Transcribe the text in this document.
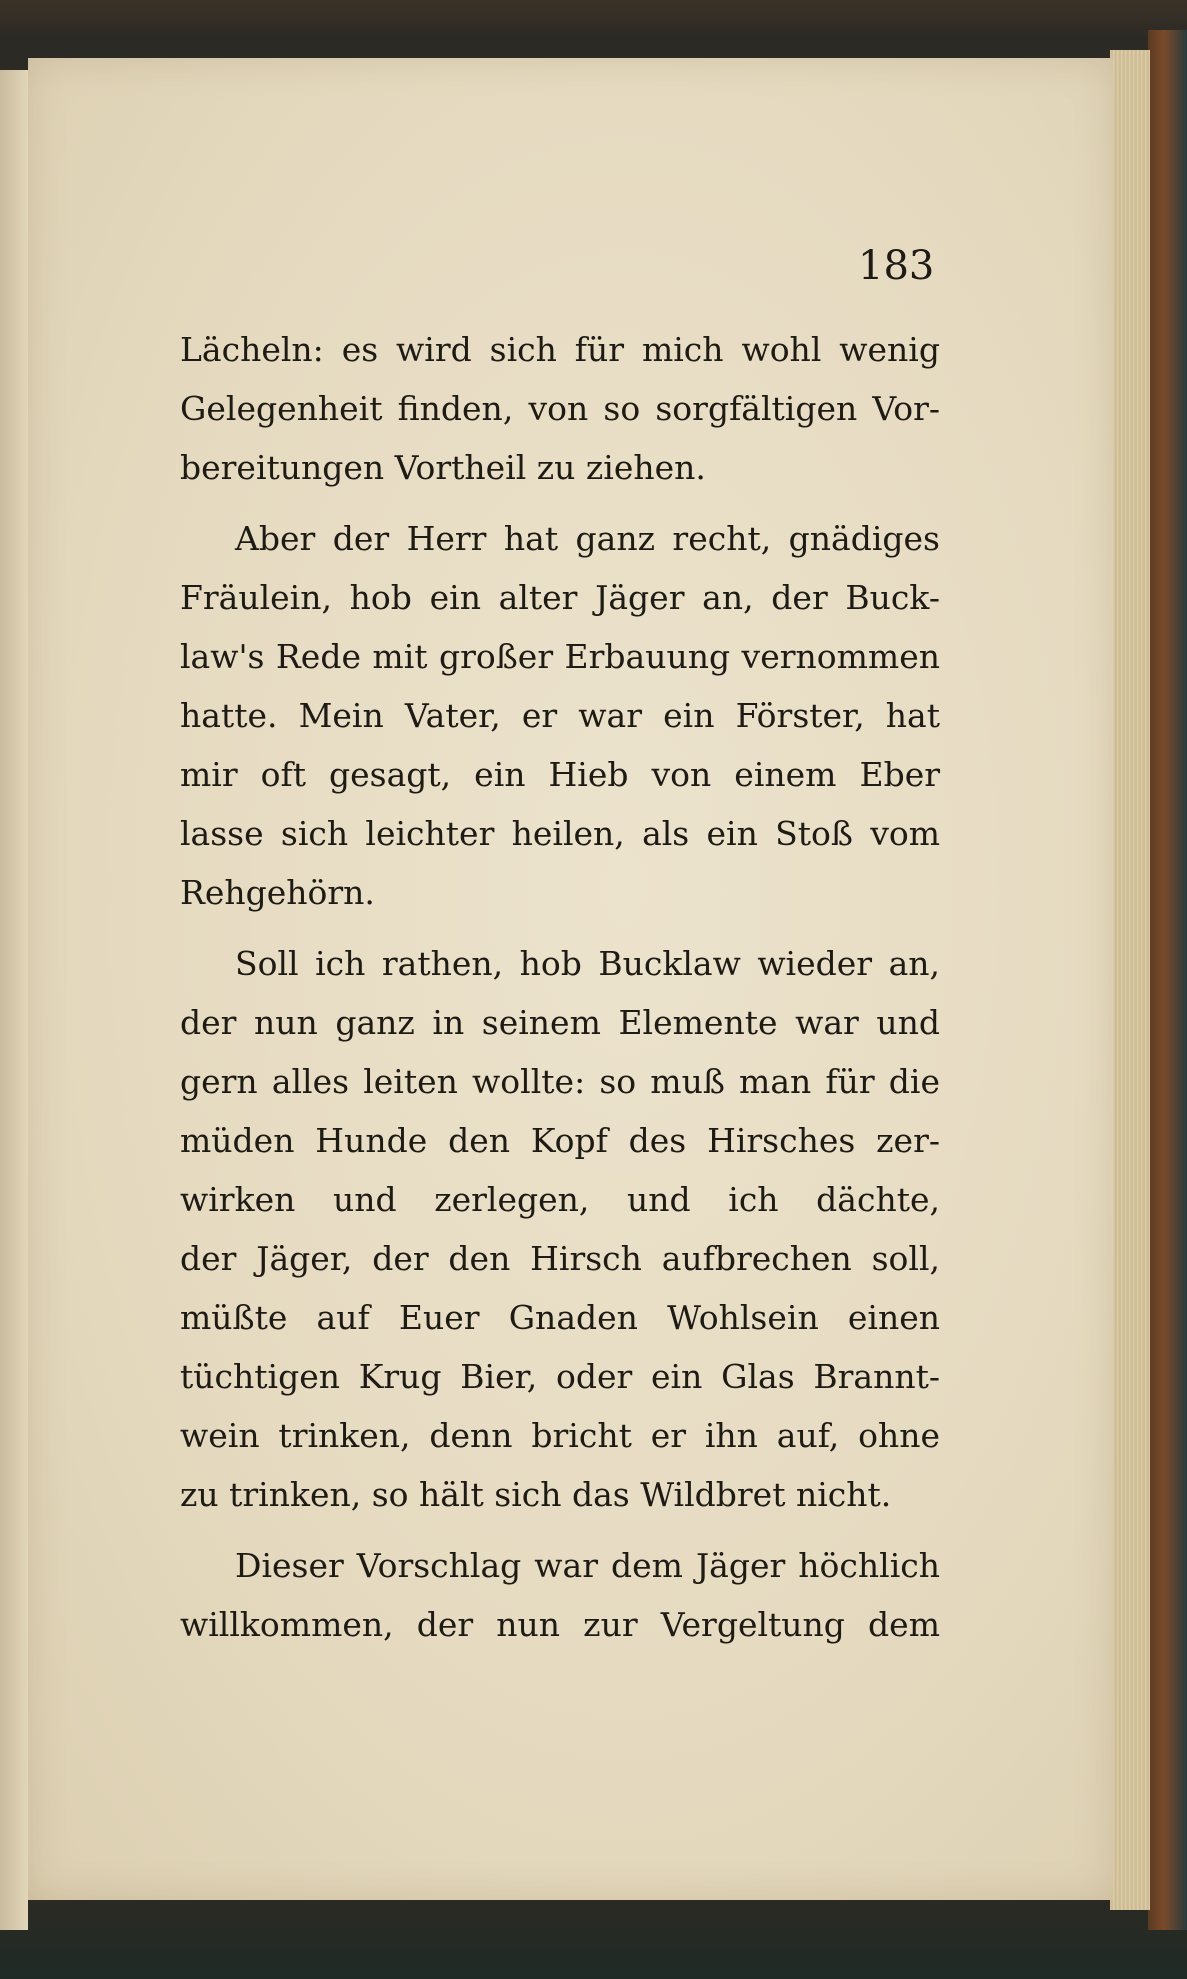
183
Lächeln: es wird sich für mich wohl wenig
Gelegenheit finden, von so sorgfältigen Vor-
bereitungen Vortheil zu ziehen.
Aber der Herr hat ganz recht, gnädiges
Fräulein, hob ein alter Jäger an, der Buck-
law's Rede mit großer Erbauung vernommen
hatte. Mein Vater, er war ein Förster, hat
mir oft gesagt, ein Hieb von einem Eber
lasse sich leichter heilen, als ein Stoß vom
Rehgehörn.
Soll ich rathen, hob Bucklaw wieder an,
der nun ganz in seinem Elemente war und
gern alles leiten wollte: so muß man für die
müden Hunde den Kopf des Hirsches zer-
wirken und zerlegen, und ich dächte,
der Jäger, der den Hirsch aufbrechen soll,
müßte auf Euer Gnaden Wohlsein einen
tüchtigen Krug Bier, oder ein Glas Brannt-
wein trinken, denn bricht er ihn auf, ohne
zu trinken, so hält sich das Wildbret nicht.
Dieser Vorschlag war dem Jäger höchlich
willkommen, der nun zur Vergeltung dem
